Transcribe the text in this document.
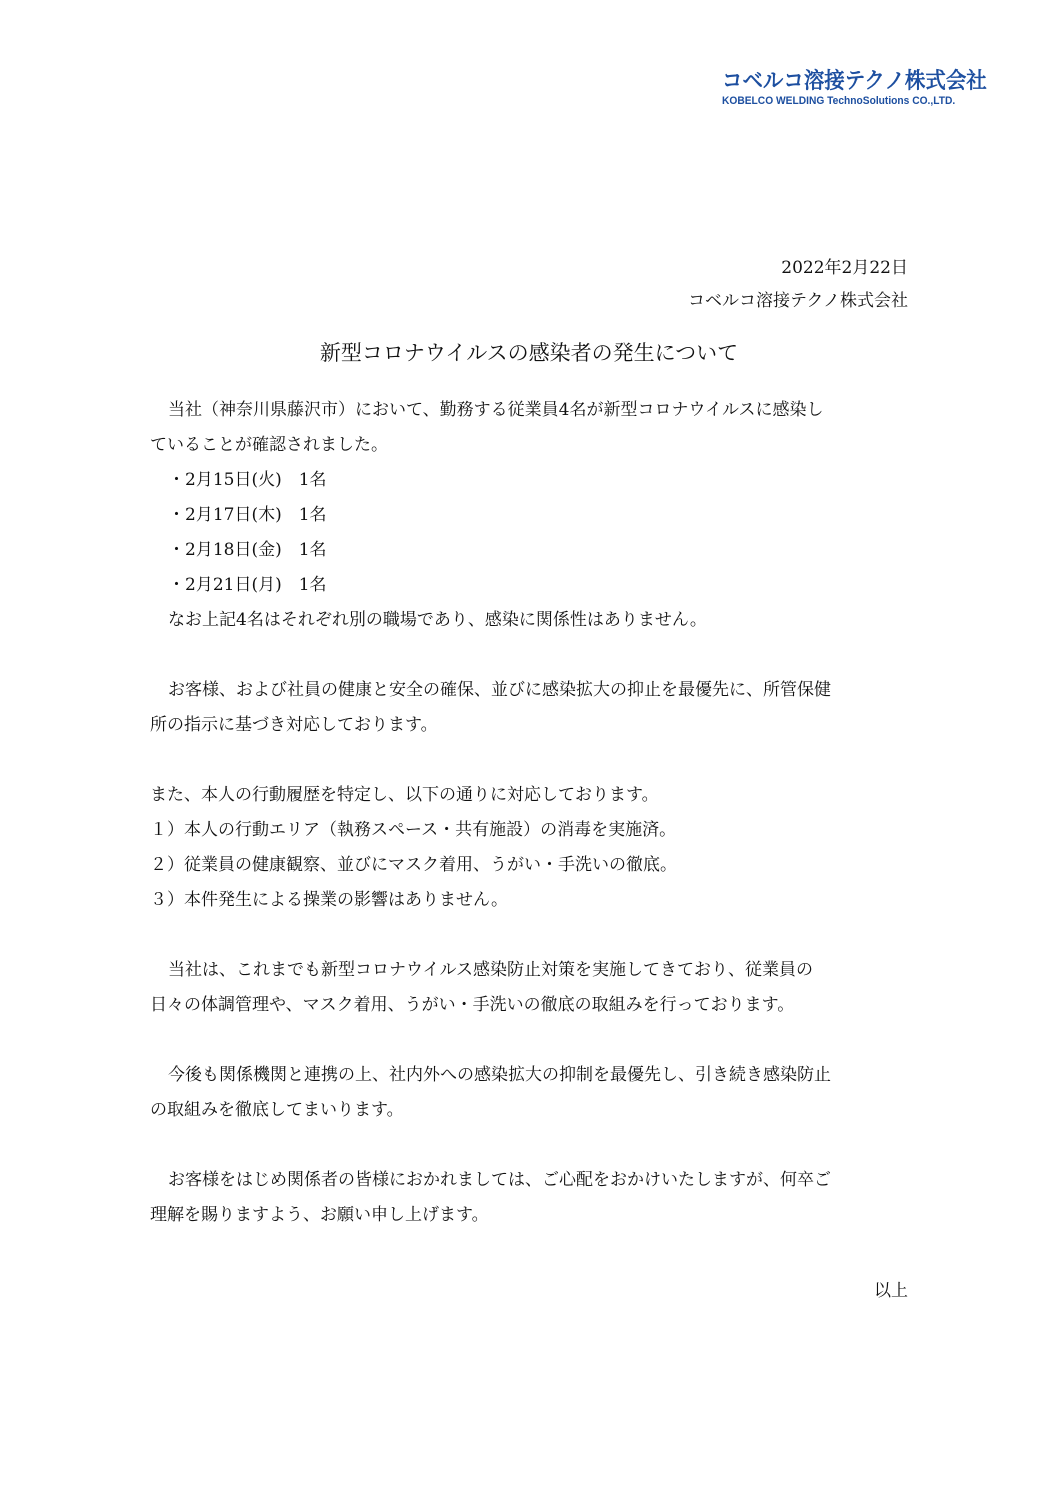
コベルコ溶接テクノ株式会社
KOBELCO WELDING TechnoSolutions CO.,LTD.
2022年2月22日
コベルコ溶接テクノ株式会社
新型コロナウイルスの感染者の発生について
当社（神奈川県藤沢市）において、勤務する従業員4名が新型コロナウイルスに感染し
ていることが確認されました。
・2月15日(火)　1名
・2月17日(木)　1名
・2月18日(金)　1名
・2月21日(月)　1名
なお上記4名はそれぞれ別の職場であり、感染に関係性はありません。
お客様、および社員の健康と安全の確保、並びに感染拡大の抑止を最優先に、所管保健
所の指示に基づき対応しております。
また、本人の行動履歴を特定し、以下の通りに対応しております。
１）本人の行動エリア（執務スペース・共有施設）の消毒を実施済。
２）従業員の健康観察、並びにマスク着用、うがい・手洗いの徹底。
３）本件発生による操業の影響はありません。
当社は、これまでも新型コロナウイルス感染防止対策を実施してきており、従業員の
日々の体調管理や、マスク着用、うがい・手洗いの徹底の取組みを行っております。
今後も関係機関と連携の上、社内外への感染拡大の抑制を最優先し、引き続き感染防止
の取組みを徹底してまいります。
お客様をはじめ関係者の皆様におかれましては、ご心配をおかけいたしますが、何卒ご
理解を賜りますよう、お願い申し上げます。
以上
